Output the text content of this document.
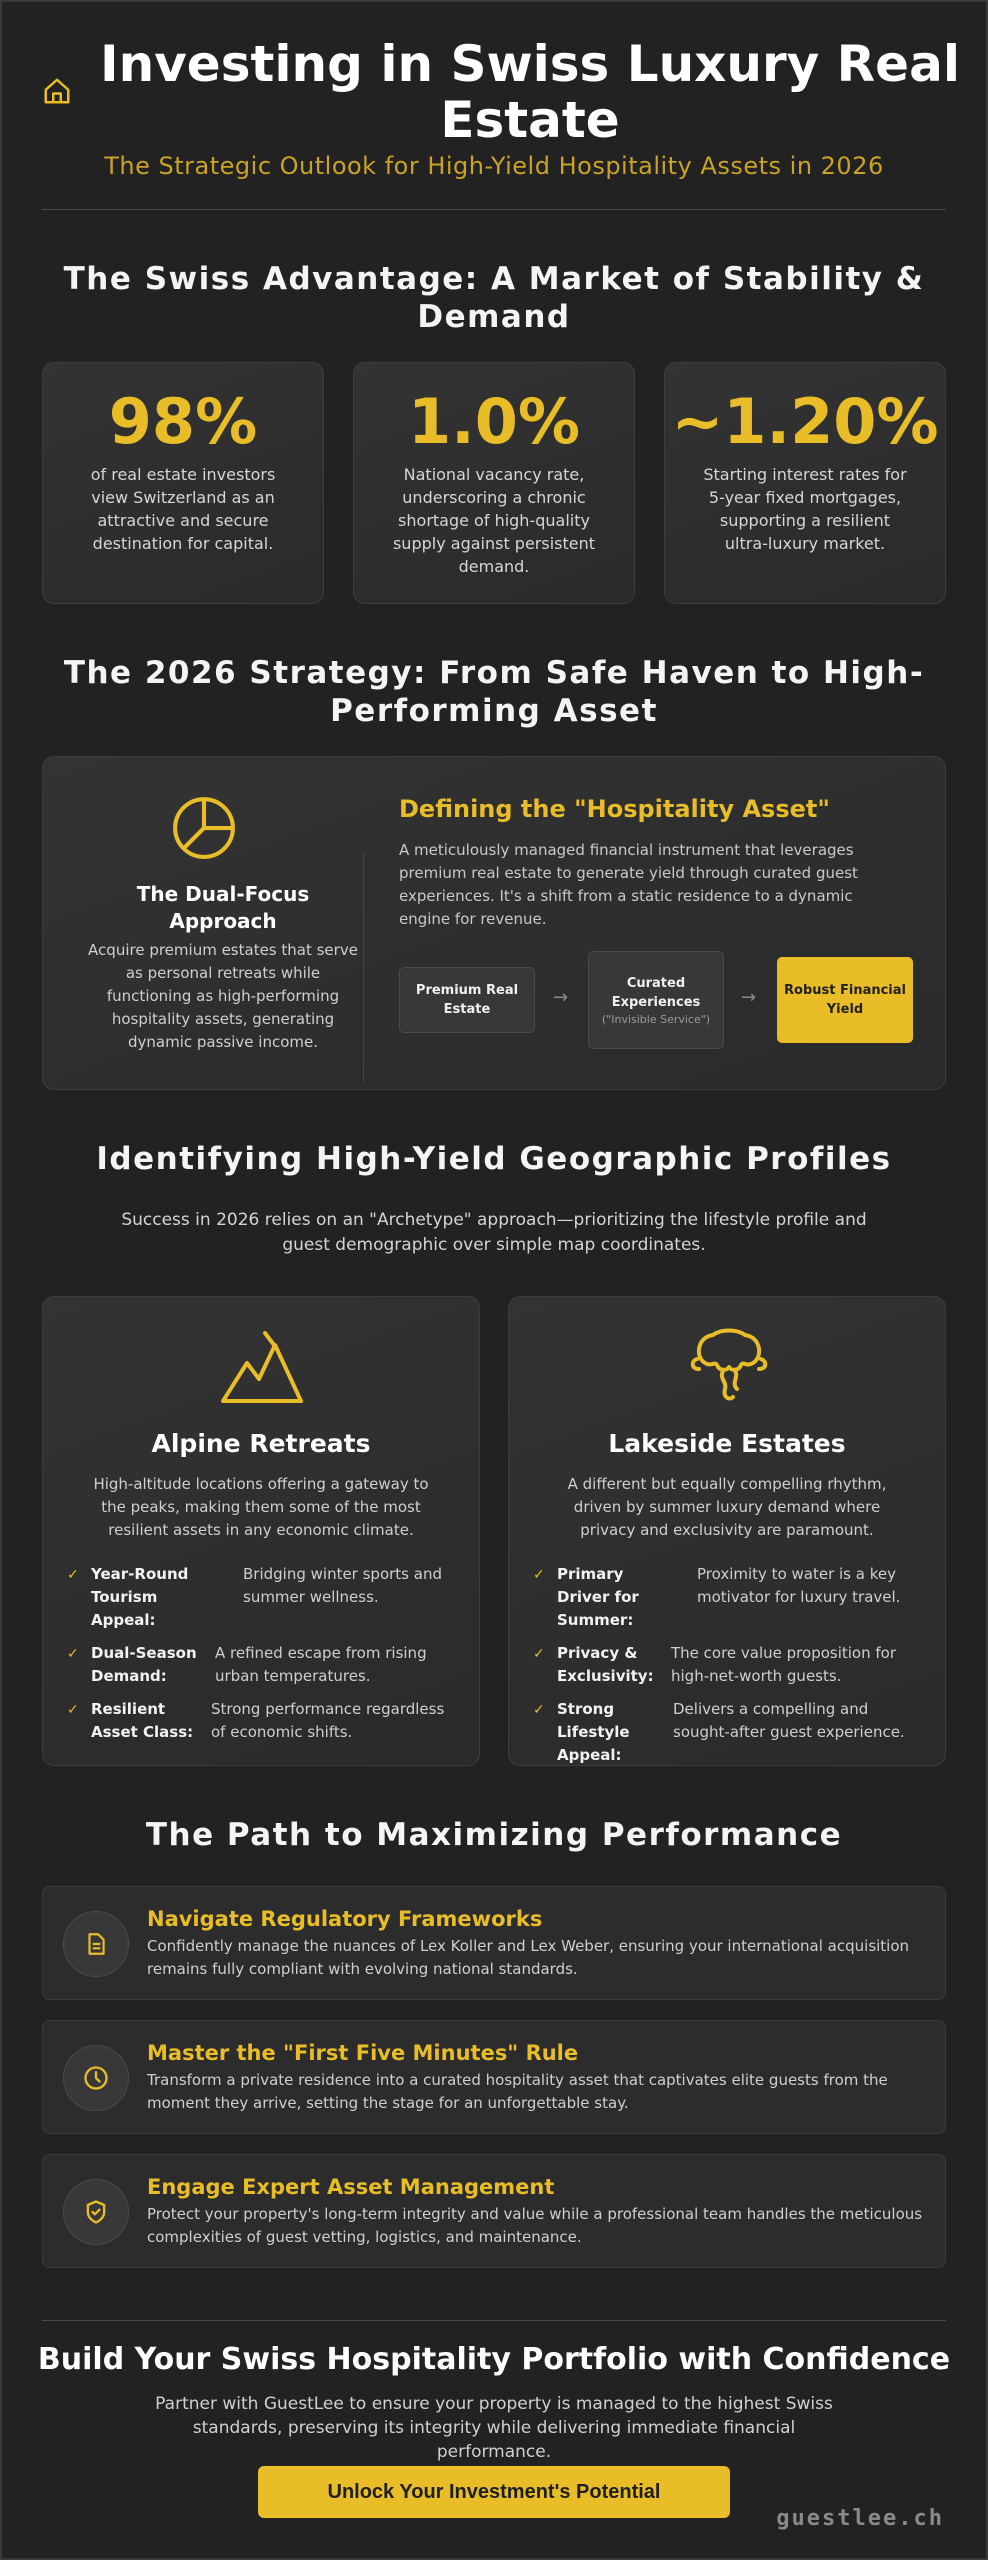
Investing in Swiss Luxury Real Estate
The Strategic Outlook for High-Yield Hospitality Assets in 2026
The Swiss Advantage: A Market of Stability & Demand
98%
of real estate investors view Switzerland as an attractive and secure destination for capital.
1.0%
National vacancy rate, underscoring a chronic shortage of high-quality supply against persistent demand.
~1.20%
Starting interest rates for 5-year fixed mortgages, supporting a resilient ultra-luxury market.
The 2026 Strategy: From Safe Haven to High-Performing Asset
The Dual-Focus Approach
Acquire premium estates that serve as personal retreats while functioning as high-performing hospitality assets, generating dynamic passive income.
Defining the "Hospitality Asset"
A meticulously managed financial instrument that leverages premium real estate to generate yield through curated guest experiences. It's a shift from a static residence to a dynamic engine for revenue.
Premium Real Estate
→
Curated Experiences
("Invisible Service")
→	Robust Financial Yield
Identifying High-Yield Geographic Profiles
Success in 2026 relies on an "Archetype" approach—prioritizing the lifestyle profile and guest demographic over simple map coordinates.
Alpine Retreats
High-altitude locations offering a gateway to the peaks, making them some of the most resilient assets in any economic climate.
✓ Year-Round Tourism Appeal:
Bridging winter sports and summer wellness.
✓ Dual-Season Demand:
A refined escape from rising urban temperatures.
✓ Resilient Asset Class:
Strong performance regardless of economic shifts.
Lakeside Estates
A different but equally compelling rhythm, driven by summer luxury demand where privacy and exclusivity are paramount.
✓ Primary Driver for Summer:
Proximity to water is a key motivator for luxury travel.
✓ Privacy & Exclusivity:
The core value proposition for high-net-worth guests.
✓ Strong Lifestyle Appeal:
Delivers a compelling and sought-after guest experience.
The Path to Maximizing Performance
Navigate Regulatory Frameworks
Confidently manage the nuances of Lex Koller and Lex Weber, ensuring your international acquisition remains fully compliant with evolving national standards.
Master the "First Five Minutes" Rule
Transform a private residence into a curated hospitality asset that captivates elite guests from the moment they arrive, setting the stage for an unforgettable stay.
Engage Expert Asset Management
Protect your property's long-term integrity and value while a professional team handles the meticulous complexities of guest vetting, logistics, and maintenance.
Build Your Swiss Hospitality Portfolio with Confidence
Partner with GuestLee to ensure your property is managed to the highest Swiss standards, preserving its integrity while delivering immediate financial performance.
Unlock Your Investment's Potential
guestlee.ch
